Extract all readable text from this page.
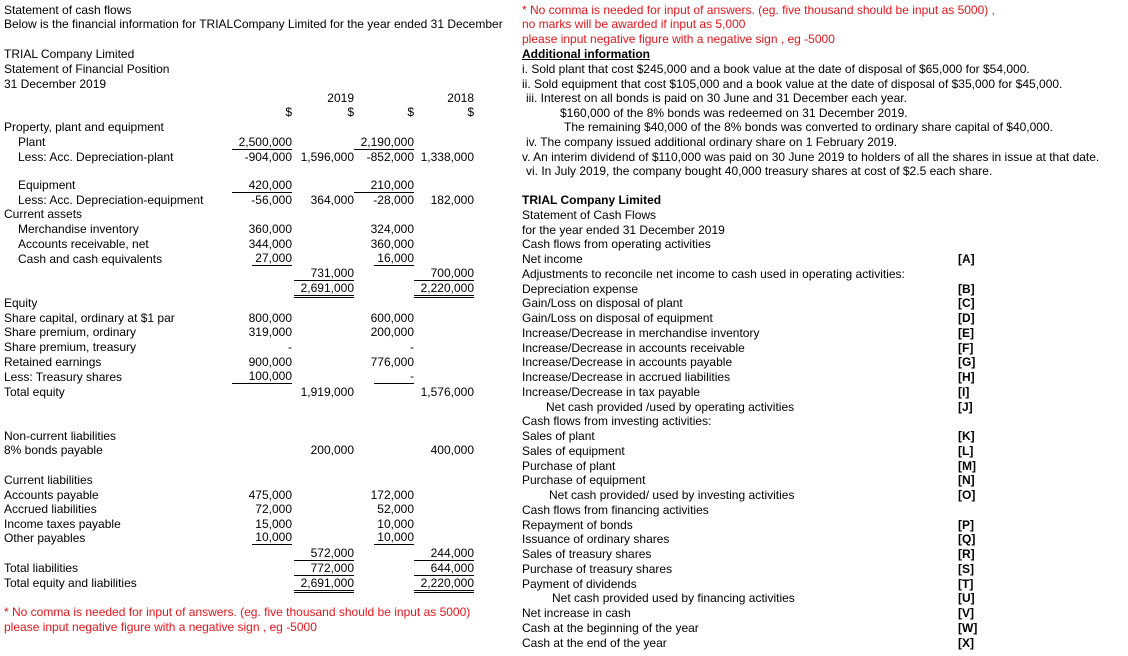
Statement of cash flows
Below is the financial information for TRIALCompany Limited for the year ended 31 December
* No comma is needed for input of answers. (eg. five thousand should be input as 5000) ,
no marks will be awarded if input as 5,000
please input negative figure with a negative sign , eg -5000
TRIAL Company Limited
Statement of Financial Position
31 December 2019
2019	2018
$	$	$	$
Property, plant and equipment
Plant	2,500,000	2,190,000
Less: Acc. Depreciation-plant	-904,000 1,596,000	-852,000 1,338,000
Equipment	420,000	210,000
Less: Acc. Depreciation-equipment	-56,000	364,000	-28,000	182,000
Current assets
Merchandise inventory	360,000	324,000
Accounts receivable, net	344,000	360,000
Cash and cash equivalents	27,000	16,000
731,000	700,000
2,691,000	2,220,000
Equity
Share capital, ordinary at $1 par	800,000	600,000
Share premium, ordinary	319,000	200,000
Share premium, treasury	-	-
Retained earnings	900,000	776,000
Less: Treasury shares	100,000	-
Total equity	1,919,000	1,576,000
Non-current liabilities
8% bonds payable	200,000	400,000
Current liabilities
Accounts payable	475,000	172,000
Accrued liabilities	72,000	52,000
Income taxes payable	15,000	10,000
Other payables	10,000	10,000
572,000	244,000
Total liabilities	772,000	644,000
Total equity and liabilities	2,691,000	2,220,000
* No comma is needed for input of answers. (eg. five thousand should be input as 5000)
please input negative figure with a negative sign , eg -5000
Additional information
i. Sold plant that cost $245,000 and a book value at the date of disposal of $65,000 for $54,000.
ii. Sold equipment that cost $105,000 and a book value at the date of disposal of $35,000 for $45,000.
iii. Interest on all bonds is paid on 30 June and 31 December each year.
$160,000 of the 8% bonds was redeemed on 31 December 2019.
The remaining $40,000 of the 8% bonds was converted to ordinary share capital of $40,000.
iv. The company issued additional ordinary share on 1 February 2019.
v. An interim dividend of $110,000 was paid on 30 June 2019 to holders of all the shares in issue at that date.
vi. In July 2019, the company bought 40,000 treasury shares at cost of $2.5 each share.
TRIAL Company Limited
Statement of Cash Flows
for the year ended 31 December 2019
Cash flows from operating activities
Net income	[A]
Adjustments to reconcile net income to cash used in operating activities:
Depreciation expense	[B]
Gain/Loss on disposal of plant	[C]
Gain/Loss on disposal of equipment	[D]
Increase/Decrease in merchandise inventory	[E]
Increase/Decrease in accounts receivable	[F]
Increase/Decrease in accounts payable	[G]
Increase/Decrease in accrued liabilities	[H]
Increase/Decrease in tax payable	[I]
Net cash provided /used by operating activities	[J]
Cash flows from investing activities:
Sales of plant	[K]
Sales of equipment	[L]
Purchase of plant	[M]
Purchase of equipment	[N]
Net cash provided/ used by investing activities	[O]
Cash flows from financing activities
Repayment of bonds	[P]
Issuance of ordinary shares	[Q]
Sales of treasury shares	[R]
Purchase of treasury shares	[S]
Payment of dividends	[T]
Net cash provided used by financing activities	[U]
Net increase in cash	[V]
Cash at the beginning of the year	[W]
Cash at the end of the year	[X]
